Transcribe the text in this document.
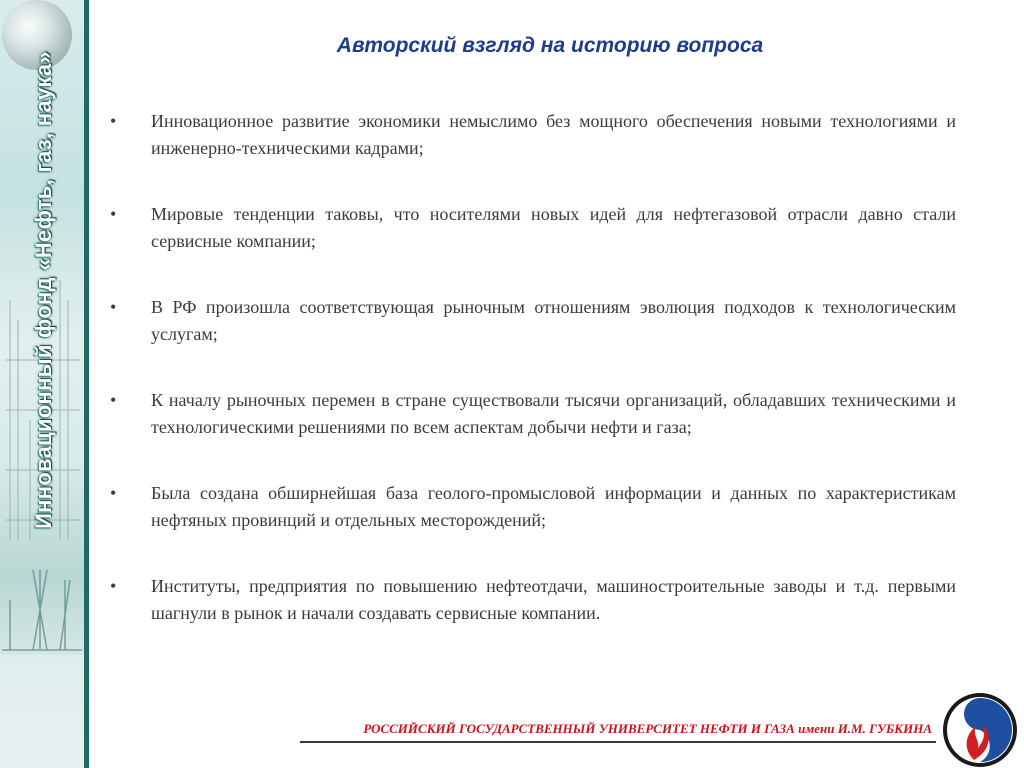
Инновационный фонд «Нефть, газ, наука»
Авторский взгляд на историю вопроса
•	Инновационное развитие экономики немыслимо без мощного обеспечения новыми технологиями и инженерно-техническими кадрами;
•	Мировые тенденции таковы, что носителями новых идей для нефтегазовой отрасли давно стали сервисные компании;
•	В РФ произошла соответствующая рыночным отношениям эволюция подходов к технологическим услугам;
•	К началу рыночных перемен в стране существовали тысячи организаций, обладавших техническими и технологическими решениями по всем аспектам добычи нефти и газа;
•	Была создана обширнейшая база геолого-промысловой информации и данных по характеристикам нефтяных провинций и отдельных месторождений;
•	Институты, предприятия по повышению нефтеотдачи, машиностроительные заводы и т.д. первыми шагнули в рынок и начали создавать сервисные компании.
РОССИЙСКИЙ ГОСУДАРСТВЕННЫЙ УНИВЕРСИТЕТ НЕФТИ И ГАЗА имени И.М. ГУБКИНА
